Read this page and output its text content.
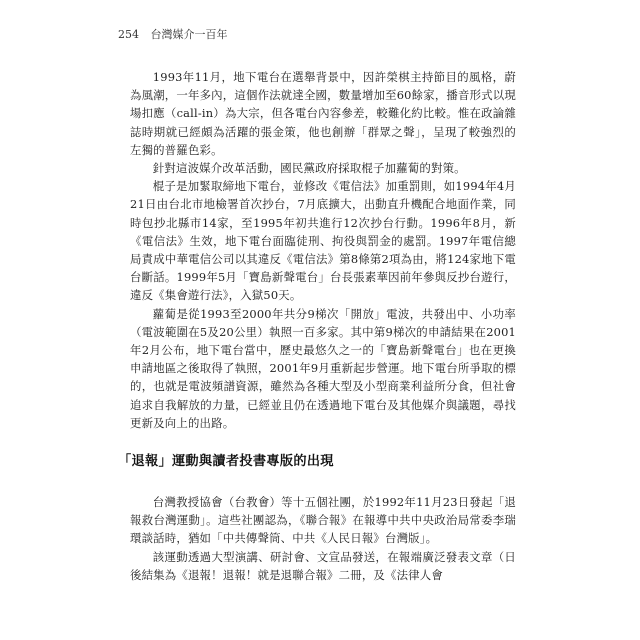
254 台灣媒介一百年

1993年11月，地下電台在選舉背景中，因許榮棋主持節目的風格，蔚為風潮，一年多內，這個作法就達全國，數量增加至60餘家，播音形式以現場扣應（call-in）為大宗，但各電台內容參差，較難化約比較。惟在政論雜誌時期就已經頗為活躍的張金策，他也創辦「群眾之聲」，呈現了較強烈的左獨的普羅色彩。

針對這波媒介改革活動，國民黨政府採取棍子加蘿蔔的對策。

棍子是加緊取締地下電台，並修改《電信法》加重罰則，如1994年4月21日由台北市地檢署首次抄台，7月底擴大，出動直升機配合地面作業，同時包抄北縣市14家，至1995年初共進行12次抄台行動。1996年8月，新《電信法》生效，地下電台面臨徒刑、拘役與罰金的處罰。1997年電信總局責成中華電信公司以其違反《電信法》第8條第2項為由，將124家地下電台斷話。1999年5月「寶島新聲電台」台長張素華因前年參與反抄台遊行，違反《集會遊行法》，入獄50天。

蘿蔔是從1993至2000年共分9梯次「開放」電波，共發出中、小功率（電波範圍在5及20公里）執照一百多家。其中第9梯次的申請結果在2001年2月公布，地下電台當中，歷史最悠久之一的「寶島新聲電台」也在更換申請地區之後取得了執照，2001年9月重新起步營運。地下電台所爭取的標的，也就是電波頻譜資源，雖然為各種大型及小型商業利益所分食，但社會追求自我解放的力量，已經並且仍在透過地下電台及其他媒介與議題，尋找更新及向上的出路。

「退報」運動與讀者投書專版的出現

台灣教授協會（台教會）等十五個社團，於1992年11月23日發起「退報救台灣運動」。這些社團認為，《聯合報》在報導中共中央政治局常委李瑞環談話時，猶如「中共傳聲筒、中共《人民日報》台灣版」。

該運動透過大型演講、研討會、文宣品發送，在報端廣泛發表文章（日後結集為《退報！退報！就是退聯合報》二冊，及《法律人會
